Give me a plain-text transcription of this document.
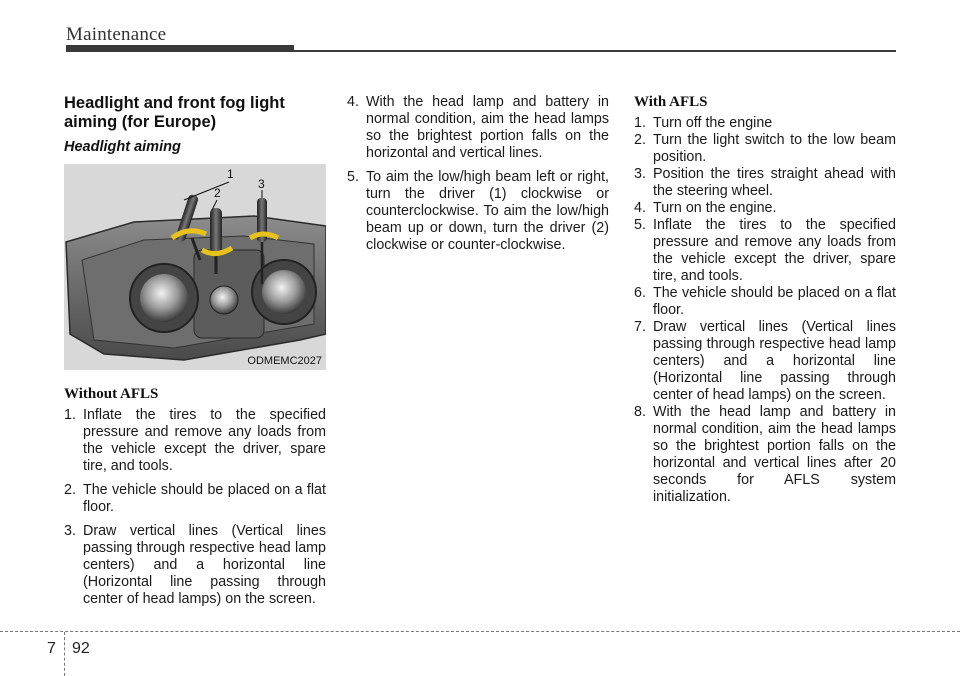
Maintenance
Headlight and front fog light aiming (for Europe)
Headlight aiming
1
2
3
ODMEMC2027
Without AFLS
1. Inflate the tires to the specified pressure and remove any loads from the vehicle except the driver, spare tire, and tools.
2. The vehicle should be placed on a flat floor.
3. Draw vertical lines (Vertical lines passing through respective head lamp centers) and a horizontal line (Horizontal line passing through center of head lamps) on the screen.
4. With the head lamp and battery in normal condition, aim the head lamps so the brightest portion falls on the horizontal and vertical lines.
5. To aim the low/high beam left or right, turn the driver (1) clockwise or counterclockwise. To aim the low/high beam up or down, turn the driver (2) clockwise or counter-clockwise.
With AFLS
1. Turn off the engine
2. Turn the light switch to the low beam position.
3. Position the tires straight ahead with the steering wheel.
4. Turn on the engine.
5. Inflate the tires to the specified pressure and remove any loads from the vehicle except the driver, spare tire, and tools.
6. The vehicle should be placed on a flat floor.
7. Draw vertical lines (Vertical lines passing through respective head lamp centers) and a horizontal line (Horizontal line passing through center of head lamps) on the screen.
8. With the head lamp and battery in normal condition, aim the head lamps so the brightest portion falls on the horizontal and vertical lines after 20 seconds for AFLS system initialization.
7 92
